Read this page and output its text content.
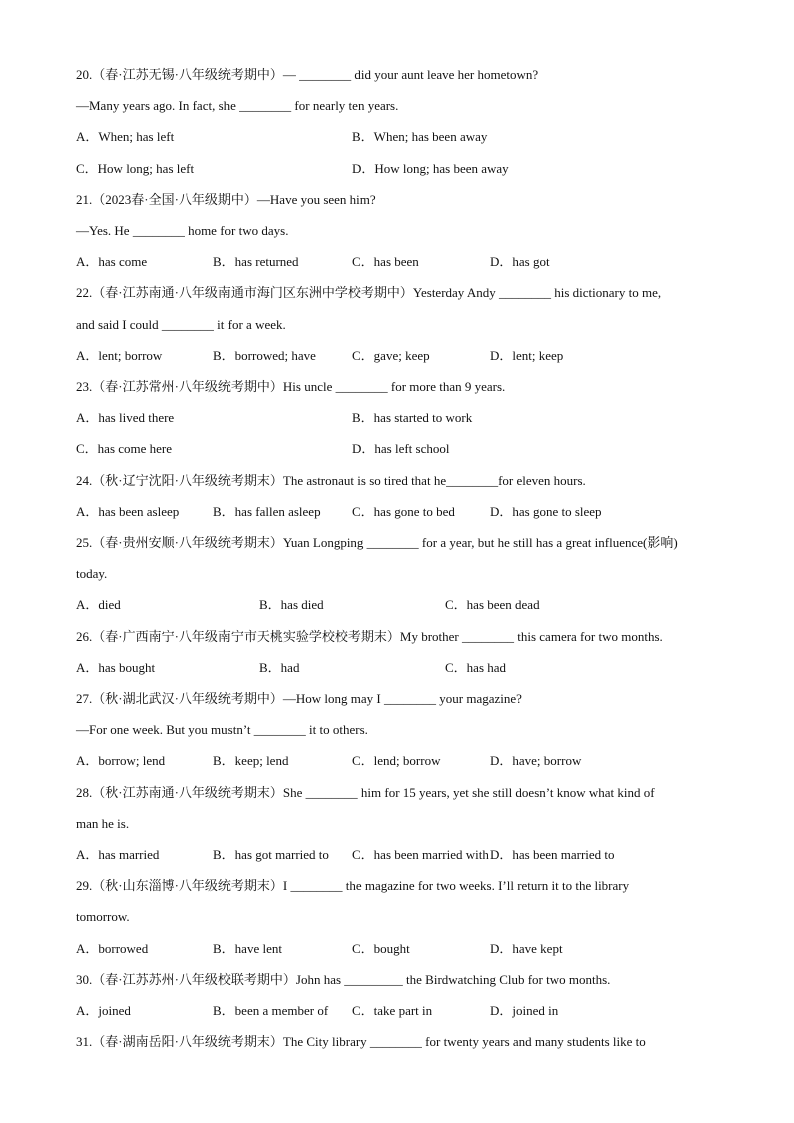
20.（春·江苏无锡·八年级统考期中）— ________ did your aunt leave her hometown?
—Many years ago. In fact, she ________ for nearly ten years.
A．When; has left	B．When; has been away
C．How long; has left	D．How long; has been away
21.（2023春·全国·八年级期中）—Have you seen him?
—Yes. He ________ home for two days.
A．has come	B．has returned	C．has been	D．has got
22.（春·江苏南通·八年级南通市海门区东洲中学校考期中）Yesterday Andy ________ his dictionary to me,
and said I could ________ it for a week.
A．lent; borrow	B．borrowed; have	C．gave; keep	D．lent; keep
23.（春·江苏常州·八年级统考期中）His uncle ________ for more than 9 years.
A．has lived there	B．has started to work
C．has come here	D．has left school
24.（秋·辽宁沈阳·八年级统考期末）The astronaut is so tired that he________for eleven hours.
A．has been asleep	B．has fallen asleep C．has gone to bed	D．has gone to sleep
25.（春·贵州安顺·八年级统考期末）Yuan Longping ________ for a year, but he still has a great influence(影响)
today.
A．died	B．has died	C．has been dead
26.（春·广西南宁·八年级南宁市天桃实验学校校考期末）My brother ________ this camera for two months.
A．has bought	B．had	C．has had
27.（秋·湖北武汉·八年级统考期中）—How long may I ________ your magazine?
—For one week. But you mustn’t ________ it to others.
A．borrow; lend	B．keep; lend	C．lend; borrow	D．have; borrow
28.（秋·江苏南通·八年级统考期末）She ________ him for 15 years, yet she still doesn’t know what kind of
man he is.
A．has married	B．has got married to C．has been married with D．has been married to
29.（秋·山东淄博·八年级统考期末）I ________ the magazine for two weeks. I’ll return it to the library
tomorrow.
A．borrowed	B．have lent	C．bought	D．have kept
30.（春·江苏苏州·八年级校联考期中）John has _________ the Birdwatching Club for two months.
A．joined	B．been a member of C．take part in	D．joined in
31.（春·湖南岳阳·八年级统考期末）The City library ________ for twenty years and many students like to
